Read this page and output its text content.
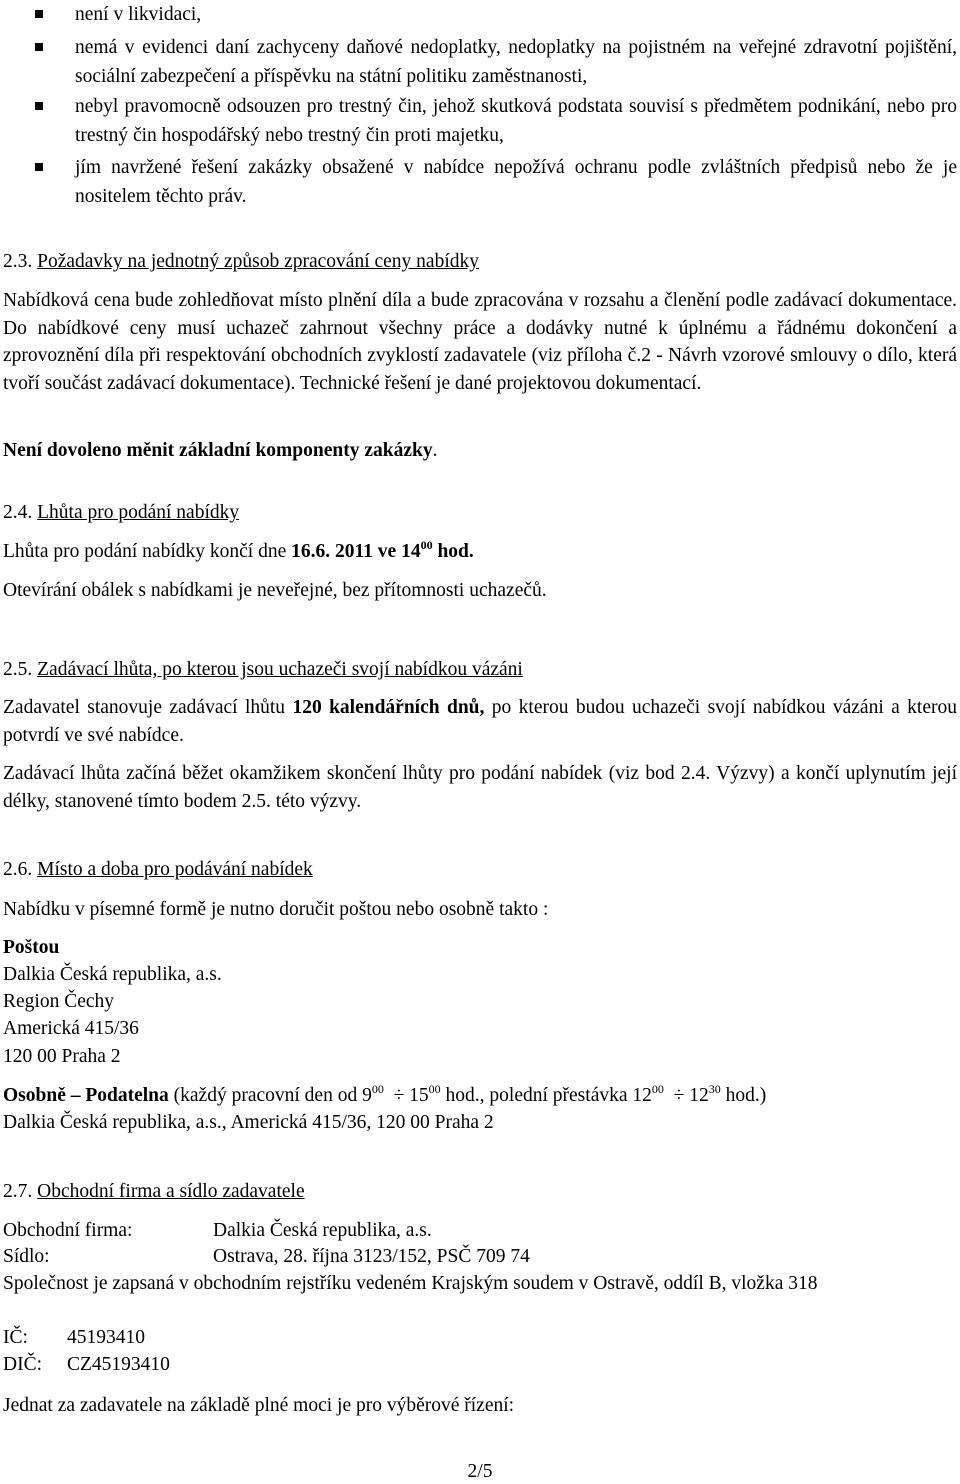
není v likvidaci,
nemá v evidenci daní zachyceny daňové nedoplatky, nedoplatky na pojistném na veřejné zdravotní pojištění, sociální zabezpečení a příspěvku na státní politiku zaměstnanosti,
nebyl pravomocně odsouzen pro trestný čin, jehož skutková podstata souvisí s předmětem podnikání, nebo pro trestný čin hospodářský nebo trestný čin proti majetku,
jím navržené řešení zakázky obsažené v nabídce nepožívá ochranu podle zvláštních předpisů nebo že je nositelem těchto práv.
2.3. Požadavky na jednotný způsob zpracování ceny nabídky
Nabídková cena bude zohledňovat místo plnění díla a bude zpracována v rozsahu a členění podle zadávací dokumentace. Do nabídkové ceny musí uchazeč zahrnout všechny práce a dodávky nutné k úplnému a řádnému dokončení a zprovoznění díla při respektování obchodních zvyklostí zadavatele (viz příloha č.2 - Návrh vzorové smlouvy o dílo, která tvoří součást zadávací dokumentace). Technické řešení je dané projektovou dokumentací.
Není dovoleno měnit základní komponenty zakázky.
2.4. Lhůta pro podání nabídky
Lhůta pro podání nabídky končí dne 16.6. 2011 ve $14^{00}$ hod.
Otevírání obálek s nabídkami je neveřejné, bez přítomnosti uchazečů.
2.5. Zadávací lhůta, po kterou jsou uchazeči svojí nabídkou vázáni
Zadavatel stanovuje zadávací lhůtu 120 kalendářních dnů, po kterou budou uchazeči svojí nabídkou vázáni a kterou potvrdí ve své nabídce.
Zadávací lhůta začíná běžet okamžikem skončení lhůty pro podání nabídek (viz bod 2.4. Výzvy) a končí uplynutím její délky, stanovené tímto bodem 2.5. této výzvy.
2.6. Místo a doba pro podávání nabídek
Nabídku v písemné formě je nutno doručit poštou nebo osobně takto :
Poštou
Dalkia Česká republika, a.s.
Region Čechy
Americká 415/36
120 00 Praha 2
Osobně – Podatelna (každý pracovní den od $9^{00} \div 15^{00}$ hod., polední přestávka $12^{00} \div 12^{30}$ hod.)
Dalkia Česká republika, a.s., Americká 415/36, 120 00 Praha 2
2.7. Obchodní firma a sídlo zadavatele
Obchodní firma:	Dalkia Česká republika, a.s.
Sídlo:	Ostrava, 28. října 3123/152, PSČ 709 74
Společnost je zapsaná v obchodním rejstříku vedeném Krajským soudem v Ostravě, oddíl B, vložka 318
IČ: 45193410
DIČ: CZ45193410
Jednat za zadavatele na základě plné moci je pro výběrové řízení:
2/5
